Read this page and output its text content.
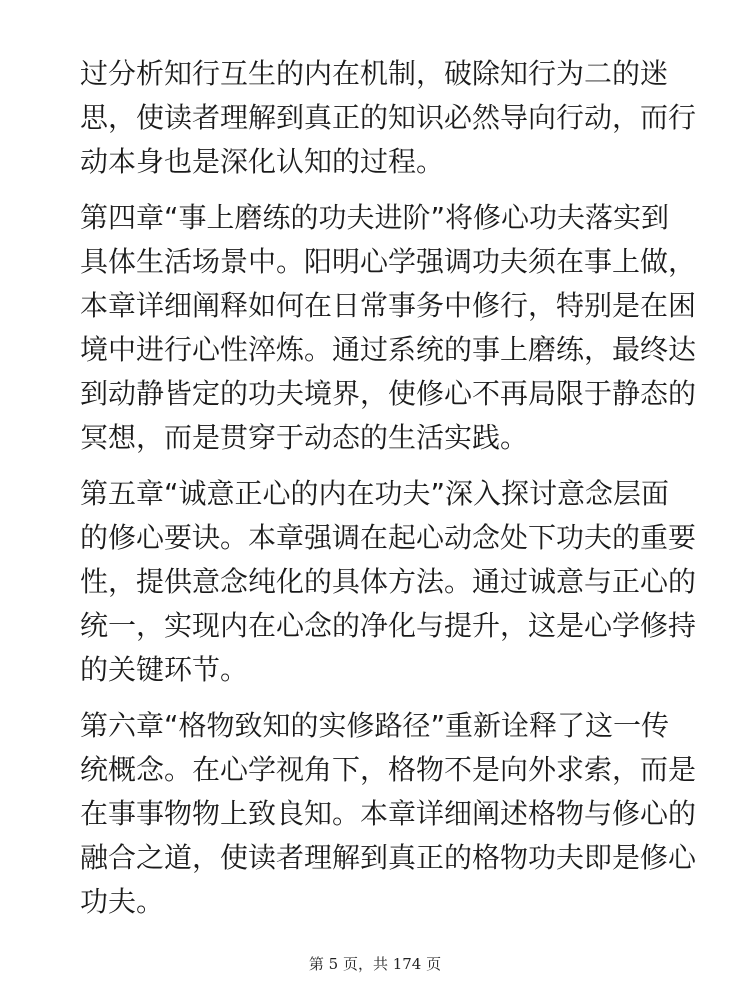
过分析知行互生的内在机制，破除知行为二的迷
思，使读者理解到真正的知识必然导向行动，而行
动本身也是深化认知的过程。

第四章“事上磨练的功夫进阶”将修心功夫落实到
具体生活场景中。阳明心学强调功夫须在事上做，
本章详细阐释如何在日常事务中修行，特别是在困
境中进行心性淬炼。通过系统的事上磨练，最终达
到动静皆定的功夫境界，使修心不再局限于静态的
冥想，而是贯穿于动态的生活实践。

第五章“诚意正心的内在功夫”深入探讨意念层面
的修心要诀。本章强调在起心动念处下功夫的重要
性，提供意念纯化的具体方法。通过诚意与正心的
统一，实现内在心念的净化与提升，这是心学修持
的关键环节。

第六章“格物致知的实修路径”重新诠释了这一传
统概念。在心学视角下，格物不是向外求索，而是
在事事物物上致良知。本章详细阐述格物与修心的
融合之道，使读者理解到真正的格物功夫即是修心
功夫。

第 5 页，共 174 页
